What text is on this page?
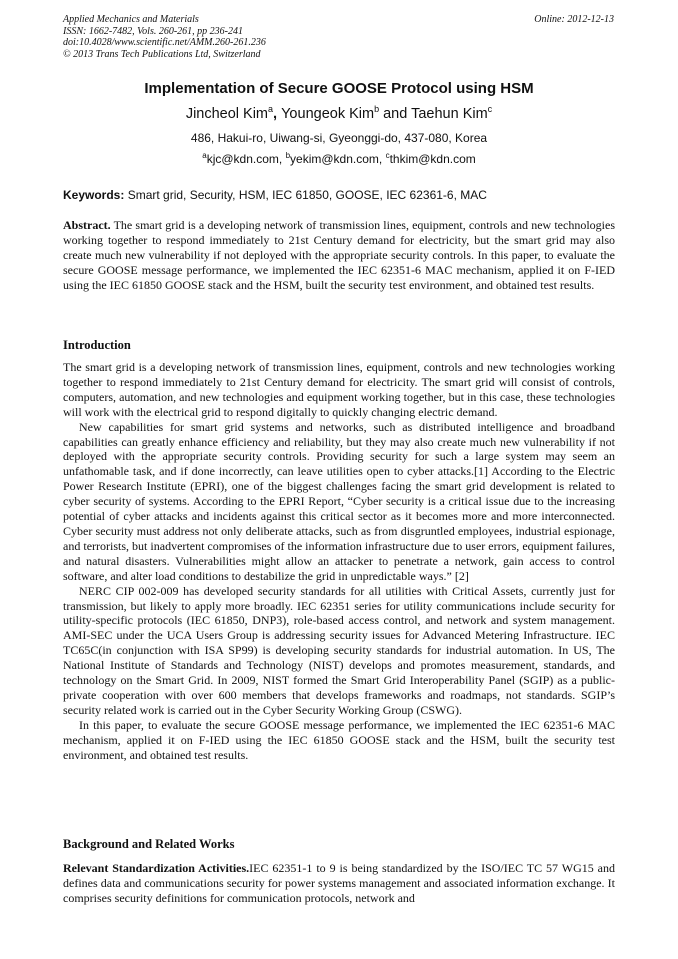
Applied Mechanics and Materials
ISSN: 1662-7482, Vols. 260-261, pp 236-241
doi:10.4028/www.scientific.net/AMM.260-261.236
© 2013 Trans Tech Publications Ltd, Switzerland
Online: 2012-12-13
Implementation of Secure GOOSE Protocol using HSM
Jincheol Kim$^a$, Youngeok Kim$^b$ and Taehun Kim$^c$
486, Hakui-ro, Uiwang-si, Gyeonggi-do, 437-080, Korea
$^a$kjc@kdn.com, $^b$yekim@kdn.com, $^c$thkim@kdn.com
Keywords: Smart grid, Security, HSM, IEC 61850, GOOSE, IEC 62361-6, MAC

Abstract. The smart grid is a developing network of transmission lines, equipment, controls and new technologies working together to respond immediately to 21st Century demand for electricity, but the smart grid may also create much new vulnerability if not deployed with the appropriate security controls. In this paper, to evaluate the secure GOOSE message performance, we implemented the IEC 62351-6 MAC mechanism, applied it on F-IED using the IEC 61850 GOOSE stack and the HSM, built the security test environment, and obtained test results.

Introduction

The smart grid is a developing network of transmission lines, equipment, controls and new technologies working together to respond immediately to 21st Century demand for electricity. The smart grid will consist of controls, computers, automation, and new technologies and equipment working together, but in this case, these technologies will work with the electrical grid to respond digitally to quickly changing electric demand.

New capabilities for smart grid systems and networks, such as distributed intelligence and broadband capabilities can greatly enhance efficiency and reliability, but they may also create much new vulnerability if not deployed with the appropriate security controls. Providing security for such a large system may seem an unfathomable task, and if done incorrectly, can leave utilities open to cyber attacks.[1] According to the Electric Power Research Institute (EPRI), one of the biggest challenges facing the smart grid development is related to cyber security of systems. According to the EPRI Report, “Cyber security is a critical issue due to the increasing potential of cyber attacks and incidents against this critical sector as it becomes more and more interconnected. Cyber security must address not only deliberate attacks, such as from disgruntled employees, industrial espionage, and terrorists, but inadvertent compromises of the information infrastructure due to user errors, equipment failures, and natural disasters. Vulnerabilities might allow an attacker to penetrate a network, gain access to control software, and alter load conditions to destabilize the grid in unpredictable ways.” [2]

NERC CIP 002-009 has developed security standards for all utilities with Critical Assets, currently just for transmission, but likely to apply more broadly. IEC 62351 series for utility communications include security for utility-specific protocols (IEC 61850, DNP3), role-based access control, and network and system management. AMI-SEC under the UCA Users Group is addressing security issues for Advanced Metering Infrastructure. IEC TC65C(in conjunction with ISA SP99) is developing security standards for industrial automation. In US, The National Institute of Standards and Technology (NIST) develops and promotes measurement, standards, and technology on the Smart Grid. In 2009, NIST formed the Smart Grid Interoperability Panel (SGIP) as a public-private cooperation with over 600 members that develops frameworks and roadmaps, not standards. SGIP’s security related work is carried out in the Cyber Security Working Group (CSWG).

In this paper, to evaluate the secure GOOSE message performance, we implemented the IEC 62351-6 MAC mechanism, applied it on F-IED using the IEC 61850 GOOSE stack and the HSM, built the security test environment, and obtained test results.

Background and Related Works

Relevant Standardization Activities.IEC 62351-1 to 9 is being standardized by the ISO/IEC TC 57 WG15 and defines data and communications security for power systems management and associated information exchange. It comprises security definitions for communication protocols, network and
